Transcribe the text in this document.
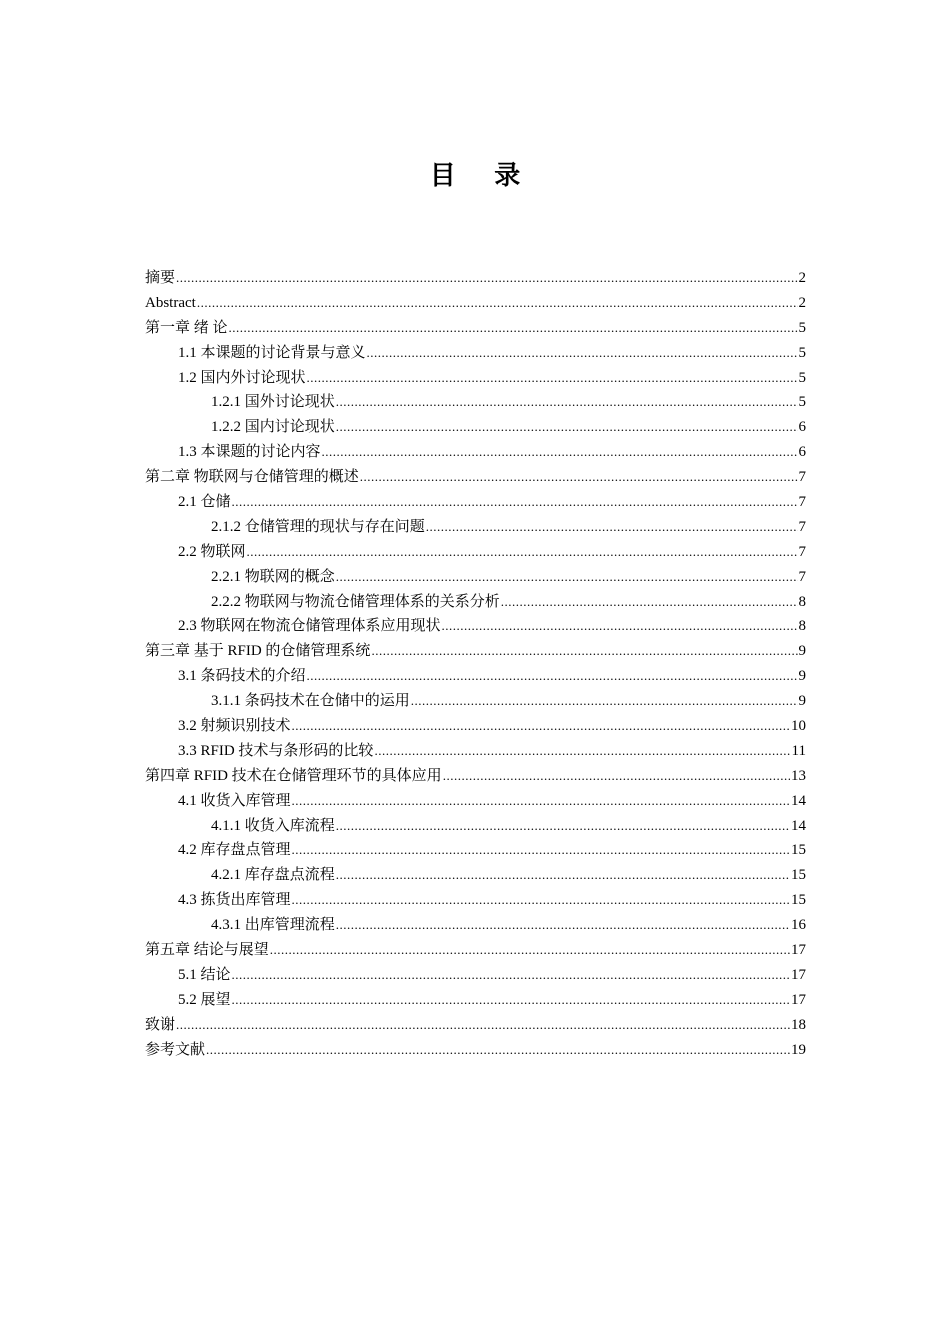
目 录
摘要 .....	2
Abstract .....	2
第一章 绪 论 .....	5
1.1 本课题的讨论背景与意义 .....	5
1.2 国内外讨论现状 .....	5
1.2.1 国外讨论现状 .....	5
1.2.2 国内讨论现状 .....	6
1.3 本课题的讨论内容 .....	6
第二章 物联网与仓储管理的概述 .....	7
2.1 仓储 .....	7
2.1.2 仓储管理的现状与存在问题 .....	7
2.2 物联网 .....	7
2.2.1 物联网的概念 .....	7
2.2.2 物联网与物流仓储管理体系的关系分析 .....	8
2.3 物联网在物流仓储管理体系应用现状 .....	8
第三章 基于 RFID 的仓储管理系统 .....	9
3.1 条码技术的介绍 .....	9
3.1.1 条码技术在仓储中的运用 .....	9
3.2 射频识别技术 .....	10
3.3 RFID 技术与条形码的比较 .....	11
第四章 RFID 技术在仓储管理环节的具体应用 .....	13
4.1 收货入库管理 .....	14
4.1.1 收货入库流程 .....	14
4.2 库存盘点管理 .....	15
4.2.1 库存盘点流程 .....	15
4.3 拣货出库管理 .....	15
4.3.1 出库管理流程 .....	16
第五章 结论与展望 .....	17
5.1 结论 .....	17
5.2 展望 .....	17
致谢 .....	18
参考文献 .....	19
